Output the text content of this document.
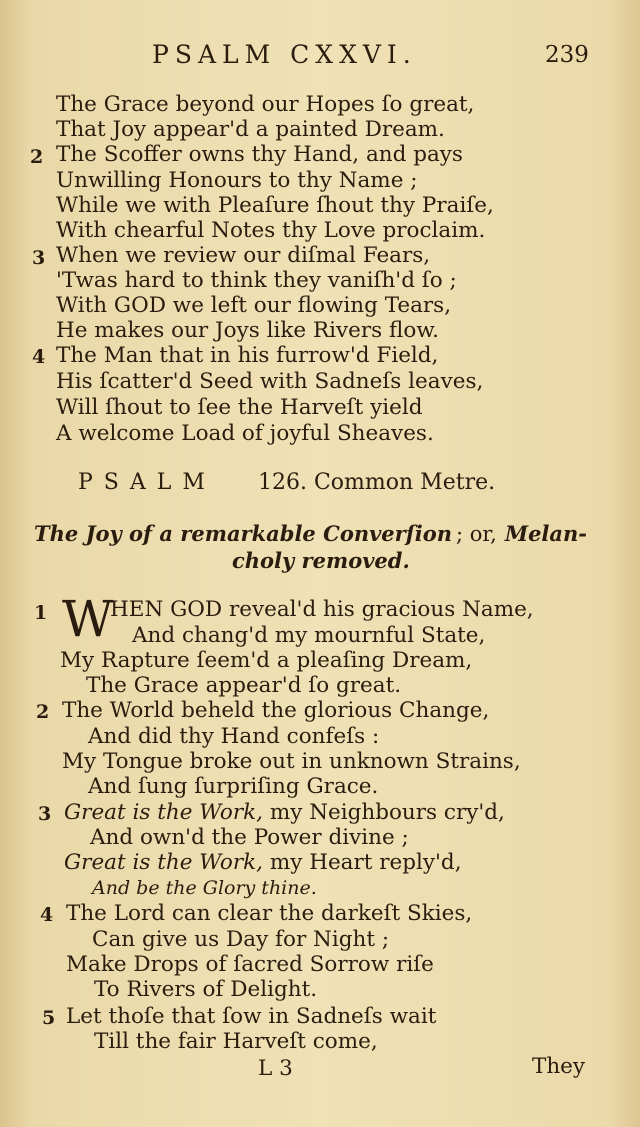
PSALM CXXVI.	239
2
3
4
The Grace beyond our Hopes ſo great,
That Joy appear'd a painted Dream.
The Scoffer owns thy Hand, and pays
Unwilling Honours to thy Name ;
While we with Pleaſure ſhout thy Praiſe,
With chearful Notes thy Love proclaim.
When we review our diſmal Fears,
'Twas hard to think they vaniſh'd ſo ;
With GOD we left our flowing Tears,
He makes our Joys like Rivers flow.
The Man that in his furrow'd Field,
His ſcatter'd Seed with Sadneſs leaves,
Will ſhout to ſee the Harveſt yield
A welcome Load of joyful Sheaves.
PSALM 126. Common Metre.
The Joy of a remarkable Converſion ; or, Melan-
choly removed.
1 W
HEN GOD reveal'd his gracious Name,
And chang'd my mournful State,
My Rapture ſeem'd a pleaſing Dream,
The Grace appear'd ſo great.
2 The World beheld the glorious Change,
And did thy Hand confeſs :
My Tongue broke out in unknown Strains,
And ſung ſurpriſing Grace.
3 Great is the Work, my Neighbours cry'd,
And own'd the Power divine ;
Great is the Work, my Heart reply'd,
And be the Glory thine.
4 The Lord can clear the darkeſt Skies,
Can give us Day for Night ;
Make Drops of ſacred Sorrow riſe
To Rivers of Delight.
5 Let thoſe that ſow in Sadneſs wait
Till the fair Harveſt come,
L 3	They
